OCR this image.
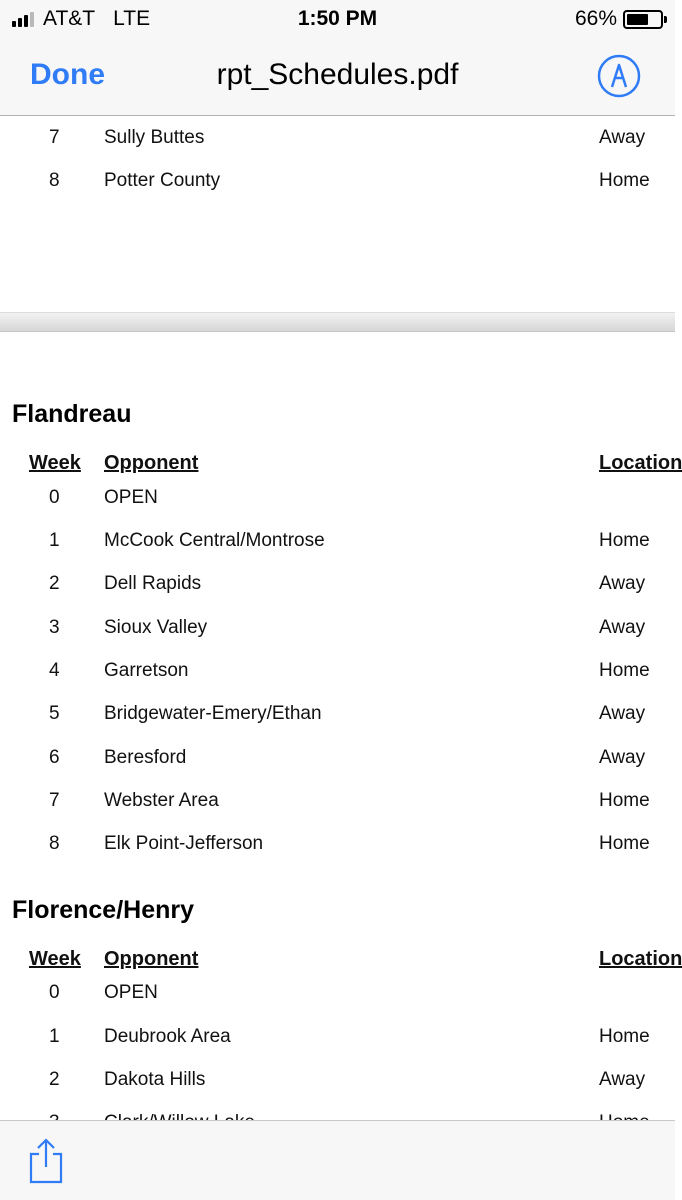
AT&T LTE	1:50 PM	66%
Done	rpt_Schedules.pdf
7 Sully Buttes	Away
8 Potter County	Home
Flandreau
Week Opponent	Location
0 OPEN
1 McCook Central/Montrose	Home
2 Dell Rapids	Away
3 Sioux Valley	Away
4 Garretson	Home
5 Bridgewater-Emery/Ethan	Away
6 Beresford	Away
7 Webster Area	Home
8 Elk Point-Jefferson	Home
Florence/Henry
Week Opponent	Location
0 OPEN
1 Deubrook Area	Home
2 Dakota Hills	Away
